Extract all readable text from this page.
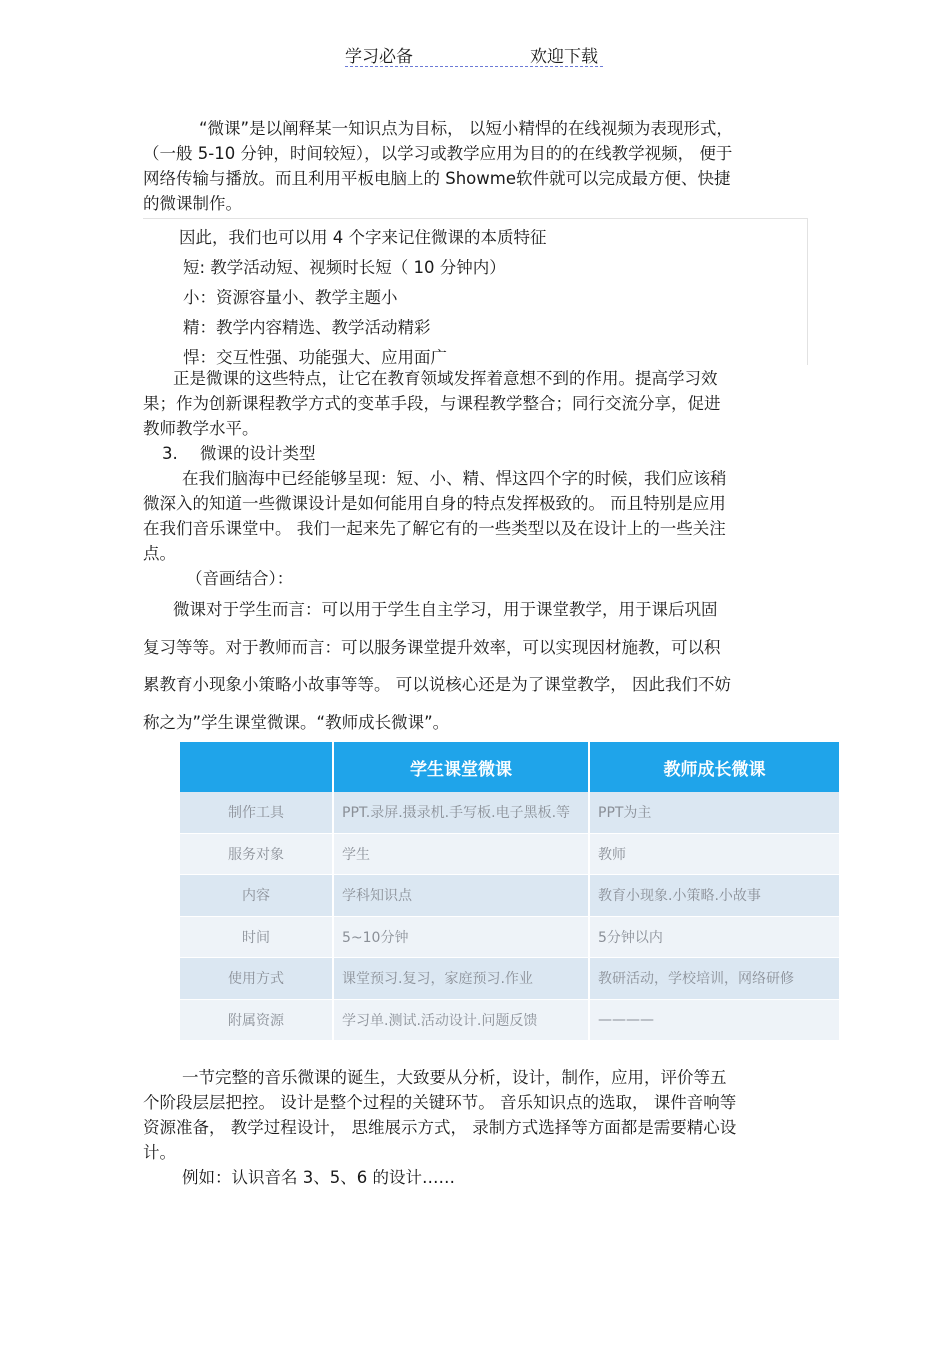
学习必备	欢迎下载
“微课”是以阐释某一知识点为目标， 以短小精悍的在线视频为表现形式，
（一般 5-10 分钟，时间较短），以学习或教学应用为目的的在线教学视频， 便于
网络传输与播放。而且利用平板电脑上的 Showme软件就可以完成最方便、快捷
的微课制作。
因此，我们也可以用 4 个字来记住微课的本质特征
短: 教学活动短、视频时长短（ 10 分钟内）
小：资源容量小、教学主题小
精：教学内容精选、教学活动精彩
悍：交互性强、功能强大、应用面广
正是微课的这些特点，让它在教育领域发挥着意想不到的作用。提高学习效
果；作为创新课程教学方式的变革手段，与课程教学整合；同行交流分享，促进
教师教学水平。
3. 微课的设计类型
在我们脑海中已经能够呈现：短、小、精、悍这四个字的时候，我们应该稍
微深入的知道一些微课设计是如何能用自身的特点发挥极致的。 而且特别是应用
在我们音乐课堂中。 我们一起来先了解它有的一些类型以及在设计上的一些关注
点。
（音画结合）：
微课对于学生而言：可以用于学生自主学习，用于课堂教学，用于课后巩固
复习等等。对于教师而言：可以服务课堂提升效率，可以实现因材施教，可以积
累教育小现象小策略小故事等等。 可以说核心还是为了课堂教学， 因此我们不妨
称之为”学生课堂微课。“教师成长微课”。
	学生课堂微课	教师成长微课
制作工具	PPT.录屏.摄录机.手写板.电子黑板.等	PPT为主
服务对象	学生	教师
内容	学科知识点	教育小现象.小策略.小故事
时间	5~10分钟	5分钟以内
使用方式	课堂预习.复习，家庭预习.作业	教研活动，学校培训，网络研修
附属资源	学习单.测试.活动设计.问题反馈	————
一节完整的音乐微课的诞生，大致要从分析，设计，制作，应用，评价等五
个阶段层层把控。 设计是整个过程的关键环节。 音乐知识点的选取， 课件音响等
资源准备， 教学过程设计， 思维展示方式， 录制方式选择等方面都是需要精心设
计。
例如：认识音名 3、5、6 的设计……
